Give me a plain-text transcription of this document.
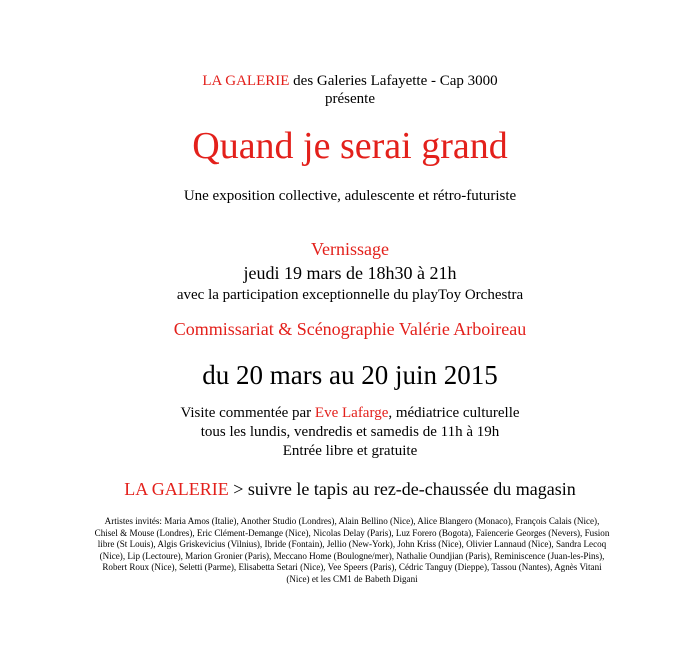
LA GALERIE des Galeries Lafayette - Cap 3000
présente
Quand je serai grand
Une exposition collective, adulescente et rétro-futuriste
Vernissage
jeudi 19 mars de 18h30 à 21h
avec la participation exceptionnelle du playToy Orchestra
Commissariat & Scénographie Valérie Arboireau
du 20 mars au 20 juin 2015
Visite commentée par Eve Lafarge, médiatrice culturelle
tous les lundis, vendredis et samedis de 11h à 19h
Entrée libre et gratuite
LA GALERIE > suivre le tapis au rez-de-chaussée du magasin
Artistes invités: Maria Amos (Italie), Another Studio (Londres), Alain Bellino (Nice), Alice Blangero (Monaco), François Calais (Nice), Chisel & Mouse (Londres), Eric Clément-Demange (Nice), Nicolas Delay (Paris), Luz Forero (Bogota), Faïencerie Georges (Nevers), Fusion libre (St Louis), Algis Griskevicius (Vilnius), Ibride (Fontain), Jellio (New-York), John Kriss (Nice), Olivier Lannaud (Nice), Sandra Lecoq (Nice), Lip (Lectoure), Marion Gronier (Paris), Meccano Home (Boulogne/mer), Nathalie Oundjian (Paris), Reminiscence (Juan-les-Pins), Robert Roux (Nice), Seletti (Parme), Elisabetta Setari (Nice), Vee Speers (Paris), Cédric Tanguy (Dieppe), Tassou (Nantes), Agnès Vitani (Nice) et les CM1 de Babeth Digani
